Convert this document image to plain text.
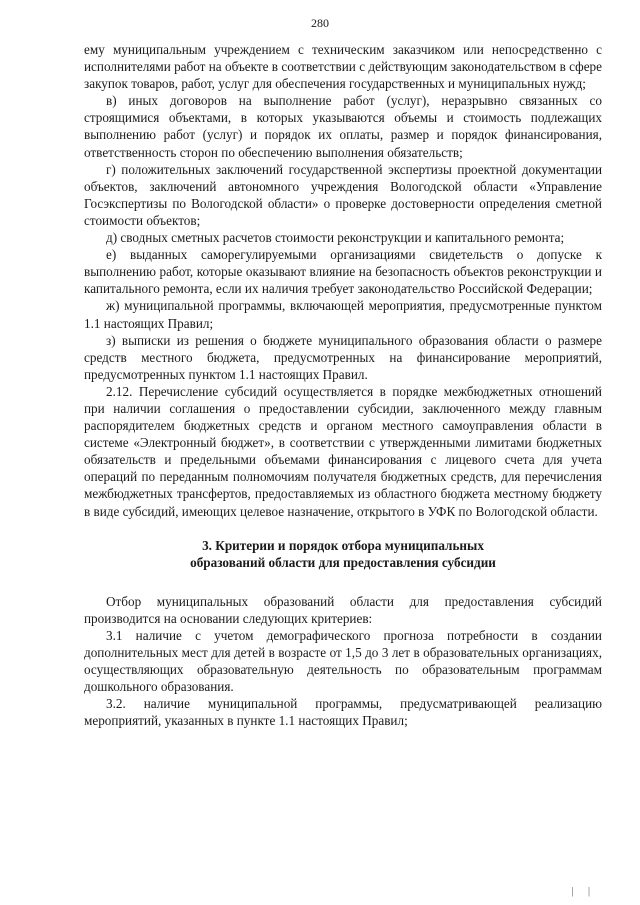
280

ему муниципальным учреждением с техническим заказчиком или непосредственно с исполнителями работ на объекте в соответствии с действующим законодательством в сфере закупок товаров, работ, услуг для обеспечения государственных и муниципальных нужд;

в) иных договоров на выполнение работ (услуг), неразрывно связанных со строящимися объектами, в которых указываются объемы и стоимость подлежащих выполнению работ (услуг) и порядок их оплаты, размер и порядок финансирования, ответственность сторон по обеспечению выполнения обязательств;

г) положительных заключений государственной экспертизы проектной документации объектов, заключений автономного учреждения Вологодской области «Управление Госэкспертизы по Вологодской области» о проверке достоверности определения сметной стоимости объектов;

д) сводных сметных расчетов стоимости реконструкции и капитального ремонта;

е) выданных саморегулируемыми организациями свидетельств о допуске к выполнению работ, которые оказывают влияние на безопасность объектов реконструкции и капитального ремонта, если их наличия требует законодательство Российской Федерации;

ж) муниципальной программы, включающей мероприятия, предусмотренные пунктом 1.1 настоящих Правил;

з) выписки из решения о бюджете муниципального образования области о размере средств местного бюджета, предусмотренных на финансирование мероприятий, предусмотренных пунктом 1.1 настоящих Правил.

2.12. Перечисление субсидий осуществляется в порядке межбюджетных отношений при наличии соглашения о предоставлении субсидии, заключенного между главным распорядителем бюджетных средств и органом местного самоуправления области в системе «Электронный бюджет», в соответствии с утвержденными лимитами бюджетных обязательств и предельными объемами финансирования с лицевого счета для учета операций по переданным полномочиям получателя бюджетных средств, для перечисления межбюджетных трансфертов, предоставляемых из областного бюджета местному бюджету в виде субсидий, имеющих целевое назначение, открытого в УФК по Вологодской области.

3. Критерии и порядок отбора муниципальных
образований области для предоставления субсидии

Отбор муниципальных образований области для предоставления субсидий производится на основании следующих критериев:

3.1 наличие с учетом демографического прогноза потребности в создании дополнительных мест для детей в возрасте от 1,5 до 3 лет в образовательных организациях, осуществляющих образовательную деятельность по образовательным программам дошкольного образования.

3.2. наличие муниципальной программы, предусматривающей реализацию мероприятий, указанных в пункте 1.1 настоящих Правил;

| |
